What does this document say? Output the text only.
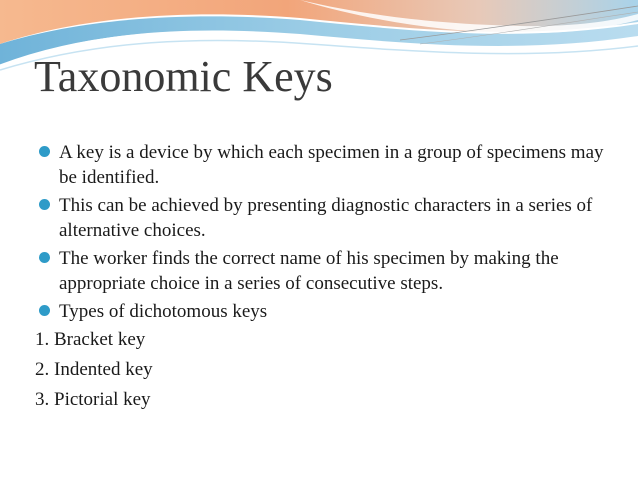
Taxonomic Keys
A key is a device by which each specimen in a group of specimens may be identified.
This can be achieved by presenting diagnostic characters in a series of alternative choices.
The worker finds the correct name of his specimen by making the appropriate choice in a series of consecutive steps.
Types of dichotomous keys
1. Bracket key
2. Indented key
3. Pictorial key
